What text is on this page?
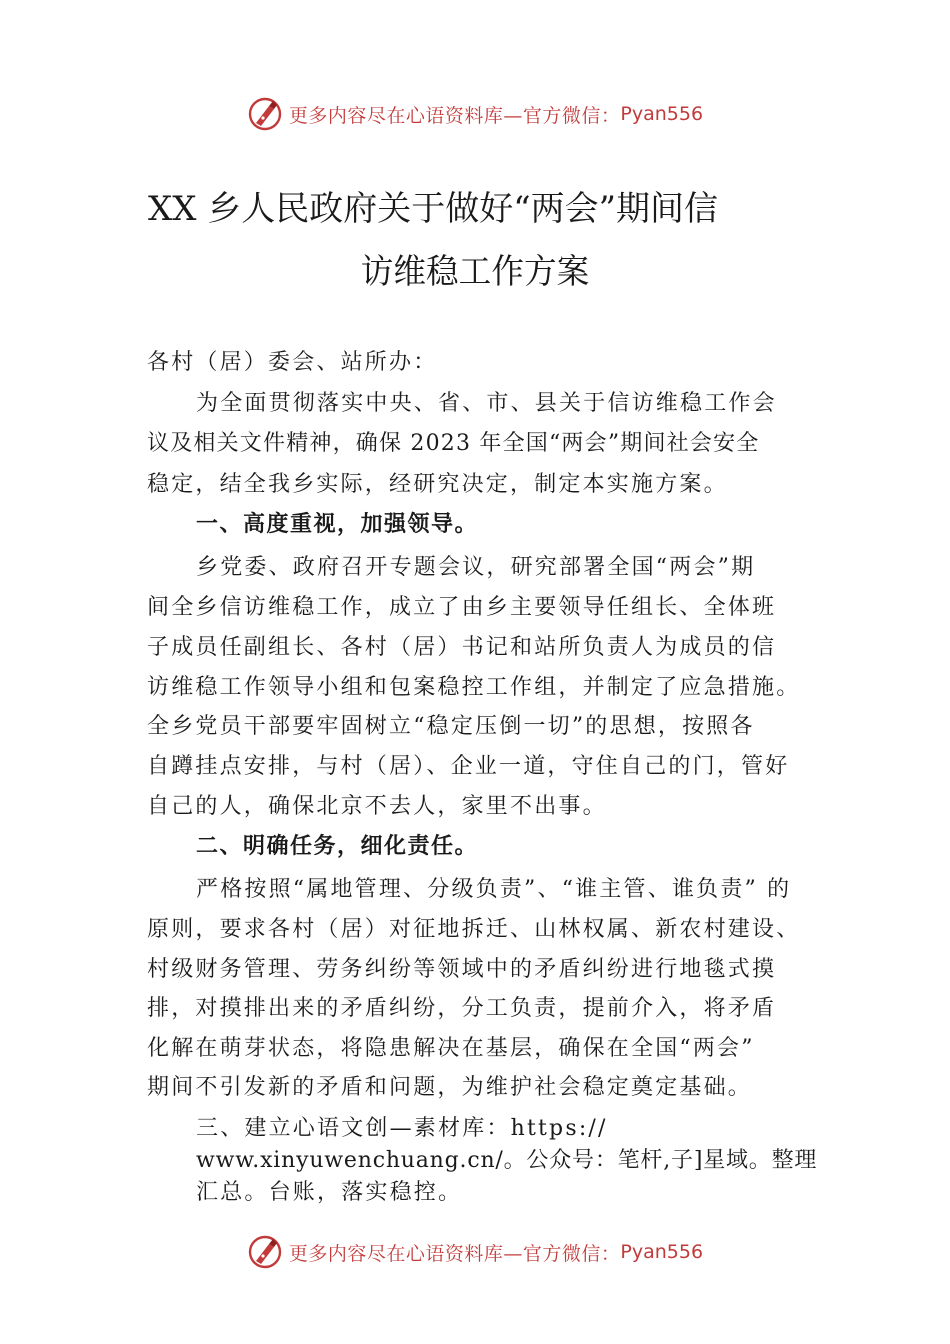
更多内容尽在心语资料库—官方微信： Pyan556
XX 乡人民政府关于做好“两会”期间信
访维稳工作方案
各村（居）委会、站所办：
为全面贯彻落实中央、省、市、县关于信访维稳工作会
议及相关文件精神，确保 2023 年全国“两会”期间社会安全
稳定，结全我乡实际，经研究决定，制定本实施方案。
一、高度重视，加强领导。
乡党委、政府召开专题会议，研究部署全国“两会”期
间全乡信访维稳工作，成立了由乡主要领导任组长、全体班
子成员任副组长、各村（居）书记和站所负责人为成员的信
访维稳工作领导小组和包案稳控工作组，并制定了应急措施。
全乡党员干部要牢固树立“稳定压倒一切”的思想，按照各
自蹲挂点安排，与村（居）、企业一道，守住自己的门，管好
自己的人，确保北京不去人，家里不出事。
二、明确任务，细化责任。
严格按照“属地管理、分级负责”、“谁主管、谁负责” 的
原则，要求各村（居）对征地拆迁、山林权属、新农村建设、
村级财务管理、劳务纠纷等领域中的矛盾纠纷进行地毯式摸
排，对摸排出来的矛盾纠纷，分工负责，提前介入，将矛盾
化解在萌芽状态，将隐患解决在基层，确保在全国“两会”
期间不引发新的矛盾和问题，为维护社会稳定奠定基础。
三、建立心语文创—素材库：https://
www.xinyuwenchuang.cn/。公众号：笔杆,子]星域。整理
汇总。台账，落实稳控。
更多内容尽在心语资料库—官方微信： Pyan556
